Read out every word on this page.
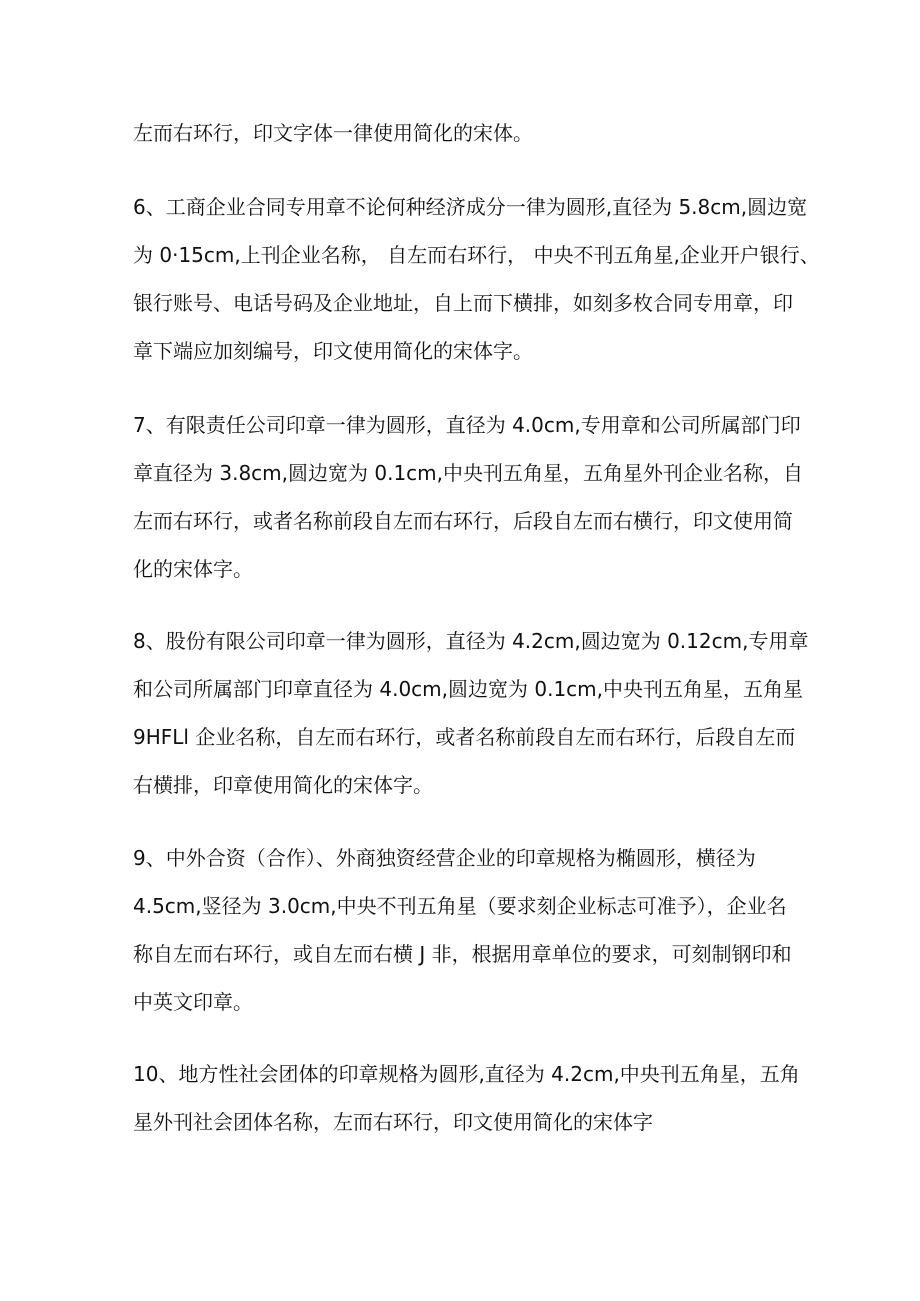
左而右环行，印文字体一律使用简化的宋体。

6、工商企业合同专用章不论何种经济成分一律为圆形,直径为 5.8cm,圆边宽

为 0·15cm,上刊企业名称， 自左而右环行， 中央不刊五角星,企业开户银行、

银行账号、电话号码及企业地址，自上而下横排，如刻多枚合同专用章，印

章下端应加刻编号，印文使用简化的宋体字。

7、有限责任公司印章一律为圆形，直径为 4.0cm,专用章和公司所属部门印

章直径为 3.8cm,圆边宽为 0.1cm,中央刊五角星，五角星外刊企业名称，自

左而右环行，或者名称前段自左而右环行，后段自左而右横行，印文使用简

化的宋体字。

8、股份有限公司印章一律为圆形，直径为 4.2cm,圆边宽为 0.12cm,专用章

和公司所属部门印章直径为 4.0cm,圆边宽为 0.1cm,中央刊五角星，五角星

9HFLl 企业名称，自左而右环行，或者名称前段自左而右环行，后段自左而

右横排，印章使用简化的宋体字。

9、中外合资（合作）、外商独资经营企业的印章规格为椭圆形，横径为

4.5cm,竖径为 3.0cm,中央不刊五角星（要求刻企业标志可准予），企业名

称自左而右环行，或自左而右横 J 非，根据用章单位的要求，可刻制钢印和

中英文印章。

10、地方性社会团体的印章规格为圆形,直径为 4.2cm,中央刊五角星，五角

星外刊社会团体名称，左而右环行，印文使用简化的宋体字
